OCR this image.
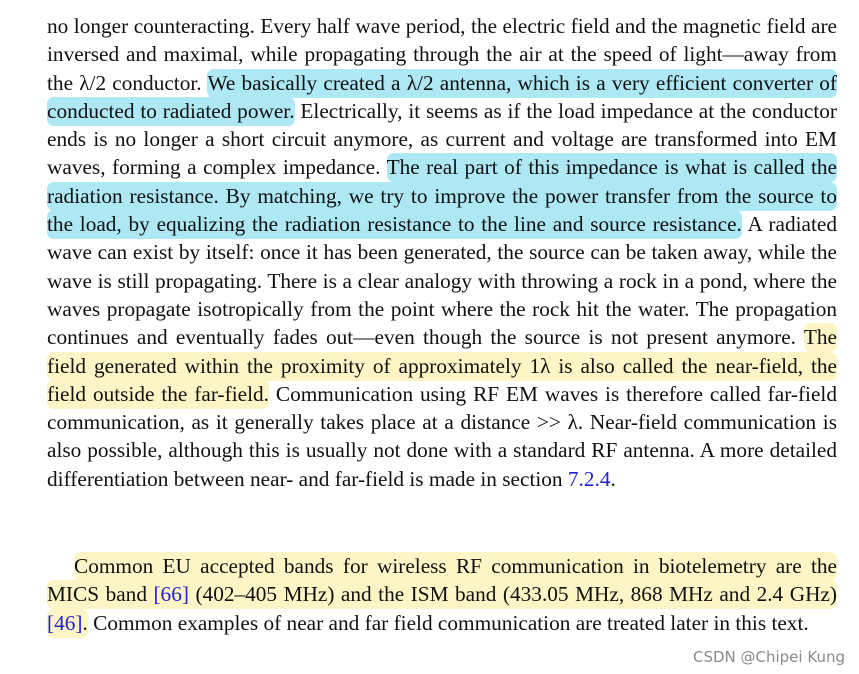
no longer counteracting. Every half wave period, the electric field and the magnetic field are inversed and maximal, while propagating through the air at the speed of light—away from the λ/2 conductor. We basically created a λ/2 antenna, which is a very efficient converter of conducted to radiated power. Electrically, it seems as if the load impedance at the conductor ends is no longer a short circuit anymore, as current and voltage are transformed into EM waves, forming a complex impedance. The real part of this impedance is what is called the radiation resistance. By matching, we try to improve the power transfer from the source to the load, by equalizing the radiation resistance to the line and source resistance. A radiated wave can exist by itself: once it has been generated, the source can be taken away, while the wave is still propagating. There is a clear analogy with throwing a rock in a pond, where the waves propagate isotropically from the point where the rock hit the water. The propagation continues and eventually fades out—even though the source is not present anymore. The field generated within the proximity of approximately 1λ is also called the near-field, the field outside the far-field. Communication using RF EM waves is therefore called far-field communication, as it generally takes place at a distance >> λ. Near-field communication is also possible, although this is usually not done with a standard RF antenna. A more detailed differentiation between near- and far-field is made in section 7.2.4.

Common EU accepted bands for wireless RF communication in biotelemetry are the MICS band [66] (402–405 MHz) and the ISM band (433.05 MHz, 868 MHz and 2.4 GHz) [46]. Common examples of near and far field communication are treated later in this text.

CSDN @Chipei Kung
